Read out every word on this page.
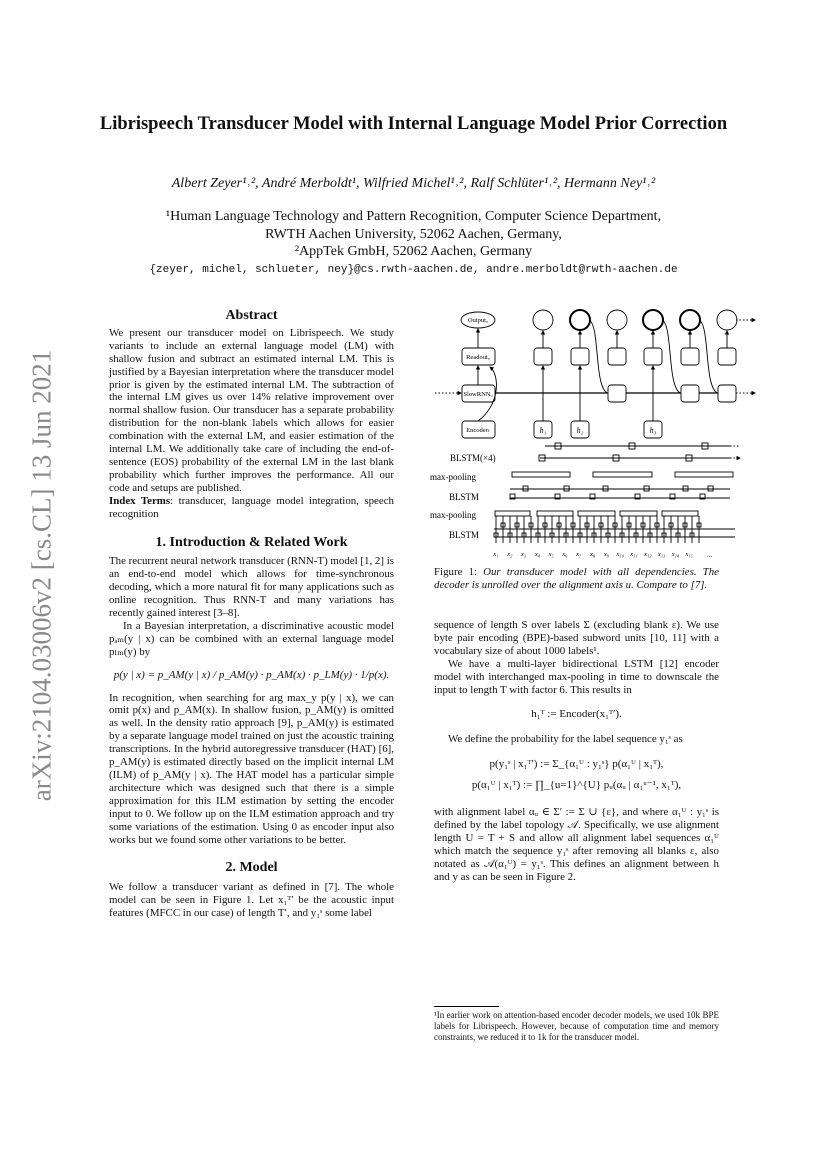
arXiv:2104.03006v2 [cs.CL] 13 Jun 2021
Librispeech Transducer Model with Internal Language Model Prior Correction
Albert Zeyer¹˒², André Merboldt¹, Wilfried Michel¹˒², Ralf Schlüter¹˒², Hermann Ney¹˒²
¹Human Language Technology and Pattern Recognition, Computer Science Department,
RWTH Aachen University, 52062 Aachen, Germany,
²AppTek GmbH, 52062 Aachen, Germany
{zeyer, michel, schlueter, ney}@cs.rwth-aachen.de, andre.merboldt@rwth-aachen.de
Abstract

We present our transducer model on Librispeech. We study variants to include an external language model (LM) with shallow fusion and subtract an estimated internal LM. This is justified by a Bayesian interpretation where the transducer model prior is given by the estimated internal LM. The subtraction of the internal LM gives us over 14% relative improvement over normal shallow fusion. Our transducer has a separate probability distribution for the non-blank labels which allows for easier combination with the external LM, and easier estimation of the internal LM. We additionally take care of including the end-of-sentence (EOS) probability of the external LM in the last blank probability which further improves the performance. All our code and setups are published.

Index Terms: transducer, language model integration, speech recognition

1. Introduction & Related Work

The recurrent neural network transducer (RNN-T) model [1, 2] is an end-to-end model which allows for time-synchronous decoding, which a more natural fit for many applications such as online recognition. Thus RNN-T and many variations has recently gained interest [3–8].

In a Bayesian interpretation, a discriminative acoustic model pₐₘ(y | x) can be combined with an external language model pₗₘ(y) by

p(y | x) = p_AM(y | x) / p_AM(y) · p_AM(x) · p_LM(y) · 1/p(x).

In recognition, when searching for arg max_y p(y | x), we can omit p(x) and p_AM(x). In shallow fusion, p_AM(y) is omitted as well. In the density ratio approach [9], p_AM(y) is estimated by a separate language model trained on just the acoustic training transcriptions. In the hybrid autoregressive transducer (HAT) [6], p_AM(y) is estimated directly based on the implicit internal LM (ILM) of p_AM(y | x). The HAT model has a particular simple architecture which was designed such that there is a simple approximation for this ILM estimation by setting the encoder input to 0. We follow up on the ILM estimation approach and try some variations of the estimation. Using 0 as encoder input also works but we found some other variations to be better.

2. Model

We follow a transducer variant as defined in [7]. The whole model can be seen in Figure 1. Let x₁ᵀʹ be the acoustic input features (MFCC in our case) of length T′, and y₁ˢ some label

Outputᵤ
Readoutᵤ
SlowRNNᵤ
Encoderₜ	h₁	h₂	h₃
BLSTM(×4)
max-pooling
BLSTM
max-pooling
BLSTM
x₁ x₂ x₃ x₄ x₅ x₆ x₇ x₈ x₉ x₁₀ x₁₁ x₁₂ x₁₃ x₁₄ x₁₅ ...
Figure 1: Our transducer model with all dependencies. The decoder is unrolled over the alignment axis u. Compare to [7].

sequence of length S over labels Σ (excluding blank ε). We use byte pair encoding (BPE)-based subword units [10, 11] with a vocabulary size of about 1000 labels¹.

We have a multi-layer bidirectional LSTM [12] encoder model with interchanged max-pooling in time to downscale the input to length T with factor 6. This results in

h₁ᵀ := Encoder(x₁ᵀʹ).

We define the probability for the label sequence y₁ˢ as

p(y₁ˢ | x₁ᵀʹ) := Σ_{α₁ᵁ : y₁ˢ} p(α₁ᵁ | x₁ᵀ),
p(α₁ᵁ | x₁ᵀ) := ∏_{u=1}^{U} pᵤ(αᵤ | α₁ᵘ⁻¹, x₁ᵀ),

with alignment label αᵤ ∈ Σ′ := Σ ∪ {ε}, and where α₁ᵁ : y₁ˢ is defined by the label topology 𝒜. Specifically, we use alignment length U = T + S and allow all alignment label sequences α₁ᵁ which match the sequence y₁ˢ after removing all blanks ε, also notated as 𝒜(α₁ᵁ) = y₁ˢ. This defines an alignment between h and y as can be seen in Figure 2.

¹In earlier work on attention-based encoder decoder models, we used 10k BPE labels for Librispeech. However, because of computation time and memory constraints, we reduced it to 1k for the transducer model.
